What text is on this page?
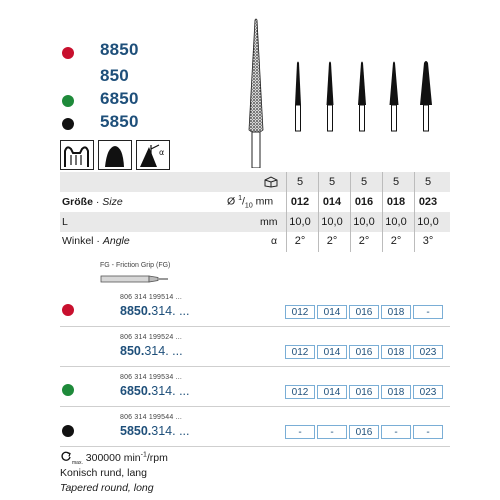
8850
850
6850
5850
α
5	5	5	5	5
Größe · Size	Ø $^1/_{10}$ mm	012	014	016	018	023
L	mm 10,0 10,0 10,0 10,0 10,0
Winkel · Angle	α	2°	2°	2°	2°	3°
FG - Friction Grip (FG)
806 314 199514 ...
8850.314. ...	012	014	016	018	-
806 314 199524 ...
850.314. ...	012	014	016	018	023
806 314 199534 ...
6850.314. ...	012	014	016	018	023
806 314 199544 ...
5850.314. ...	-	-	016	-	-
$_{max.}$ 300000 $\min^{-1}$/rpm
Konisch rund, lang
Tapered round, long
